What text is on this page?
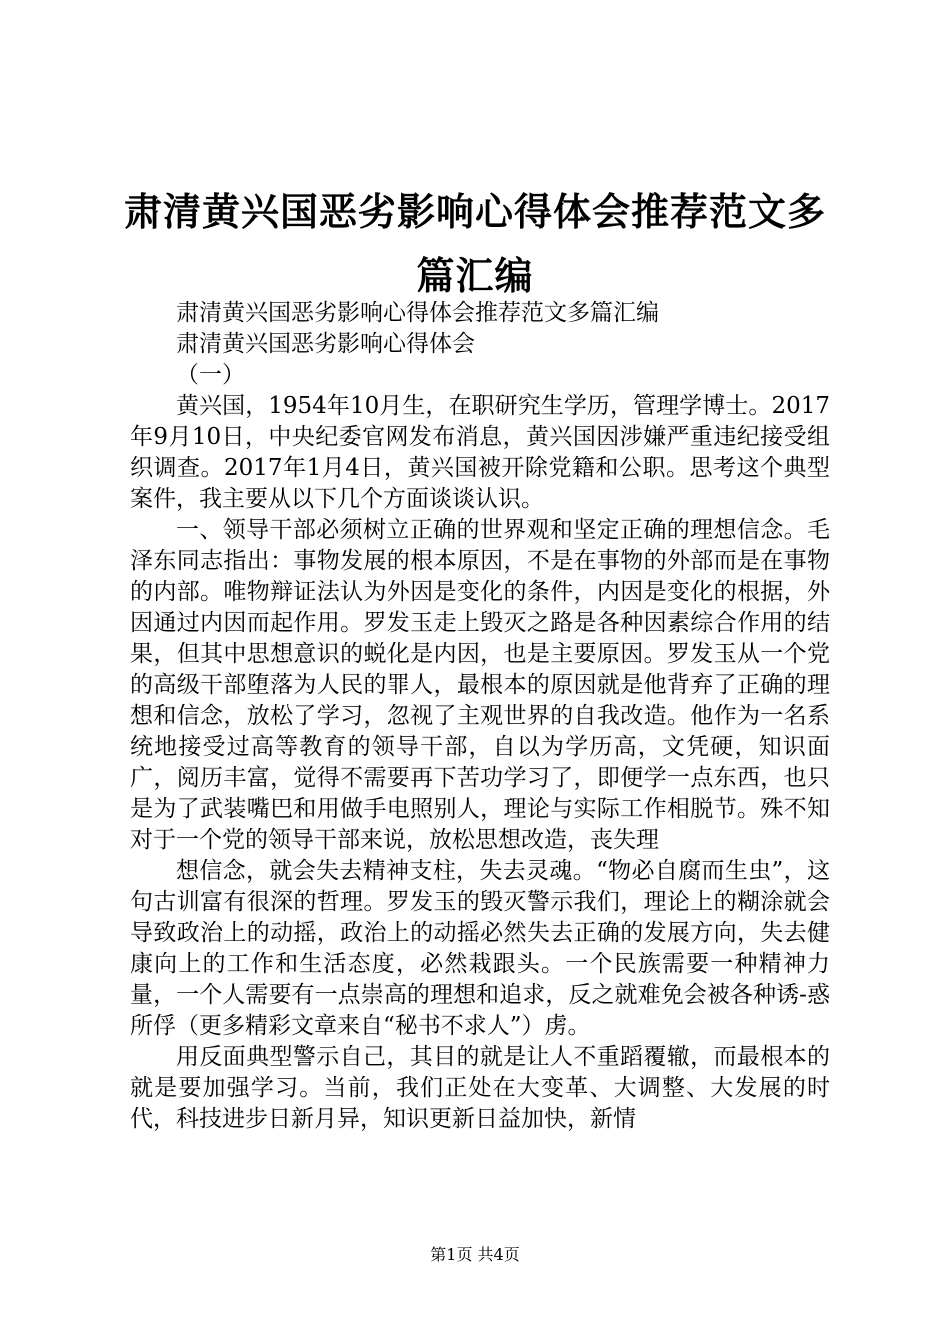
肃清黄兴国恶劣影响心得体会推荐范文多篇汇编

肃清黄兴国恶劣影响心得体会推荐范文多篇汇编

肃清黄兴国恶劣影响心得体会

（一）

黄兴国，1954年10月生，在职研究生学历，管理学博士。2017年9月10日，中央纪委官网发布消息，黄兴国因涉嫌严重违纪接受组织调查。2017年1月4日，黄兴国被开除党籍和公职。思考这个典型案件，我主要从以下几个方面谈谈认识。

一、领导干部必须树立正确的世界观和坚定正确的理想信念。毛泽东同志指出：事物发展的根本原因，不是在事物的外部而是在事物的内部。唯物辩证法认为外因是变化的条件，内因是变化的根据，外因通过内因而起作用。罗发玉走上毁灭之路是各种因素综合作用的结果，但其中思想意识的蜕化是内因，也是主要原因。罗发玉从一个党的高级干部堕落为人民的罪人，最根本的原因就是他背弃了正确的理想和信念，放松了学习，忽视了主观世界的自我改造。他作为一名系统地接受过高等教育的领导干部，自以为学历高，文凭硬，知识面广，阅历丰富，觉得不需要再下苦功学习了，即便学一点东西，也只是为了武装嘴巴和用做手电照别人，理论与实际工作相脱节。殊不知对于一个党的领导干部来说，放松思想改造，丧失理

想信念，就会失去精神支柱，失去灵魂。“物必自腐而生虫”，这句古训富有很深的哲理。罗发玉的毁灭警示我们，理论上的糊涂就会导致政治上的动摇，政治上的动摇必然失去正确的发展方向，失去健康向上的工作和生活态度，必然栽跟头。一个民族需要一种精神力量，一个人需要有一点崇高的理想和追求，反之就难免会被各种诱-惑所俘（更多精彩文章来自“秘书不求人”）虏。

用反面典型警示自己，其目的就是让人不重蹈覆辙，而最根本的就是要加强学习。当前，我们正处在大变革、大调整、大发展的时代，科技进步日新月异，知识更新日益加快，新情

第1页 共4页
